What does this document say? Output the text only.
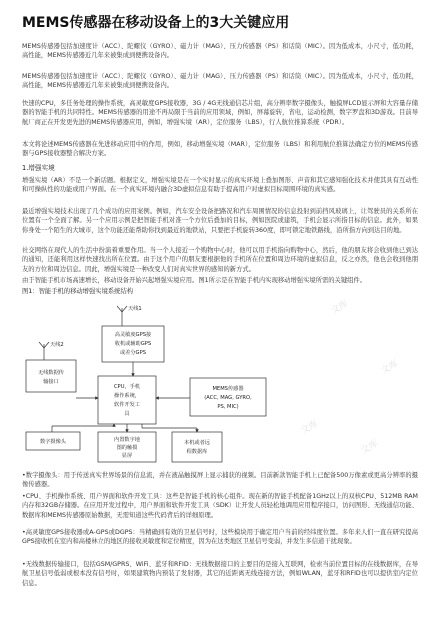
MEMS传感器在移动设备上的3大关键应用
MEMS传感器包括加速度计（ACC）、陀螺仪（GYRO）、磁力计（MAG）、压力传感器（PS）和话筒（MIC）。因为低成本，小尺寸，低功耗，高性能，MEMS传感器近几年来被集成到便携设备内。
MEMS传感器包括加速度计（ACC）、陀螺仪（GYRO）、磁力计（MAG）、压力传感器（PS）和话筒（MIC）。因为低成本，小尺寸，低功耗，高性能，MEMS传感器近几年来被集成到便携设备内。
快速的CPU，多任务处理的操作系统，高灵敏度GPS接收器，3G / 4G无线通信芯片组，高分辨率数字摄像头，触摸屏LCD显示屏和大容量存储器的智能手机的共同特性。MEMS传感器的用途不再局限于当前的应用领域，例如，屏幕旋转，省电，运动检测，数字罗盘和3D游戏。目前导航厂商正在开发更先进的MEMS传感器应用，例如，增强实境（AR），定位服务（LBS），行人航位推算系统（PDR）。
本文将论述MEMS传感器在先进移动应用中的作用，例如，移动增强实境（MAR），定位服务（LBS）和利用航位推算法确定方位的MEMS传感器与GPS接收器整合解决方案。
1.增强实境
增强实境（AR）不是一个新话题。根据定义，增强实境是在一个实时显示的真实环境上叠加图形、声音和其它感知强化技术并使其具有互动性和可操纵性的功能或用户界面。在一个真实环境内融合3D虚拟信息有助于提高用户对虚拟目标周围环境的真实感。
最近增强实境技术出现了几个成功的应用案例。例如，汽车安全设备把路况和汽车周围情况的信息投射到前挡风玻璃上，让驾驶员的关系所在位置有一个全面了解。另一个应用示例是把智能手机对准一个方位后叠加的目标，例如医院或建筑，手机会显示所指目标的信息。此外，如果你身处一个陌生的大城市，这个功能还能帮助你找到最近的地铁站，只要把手机旋转360度，即可锁定地铁路线，沿所指方向到达目的地。
社交网络在现代人的生活中扮演着重要作用。当一个人接近一个购物中心时，他可以用手机指向购物中心，然后，他的朋友将会收到他已到达的通知，还能利用这样快速找出所在位置。由于这个用户的朋友要根据他的手机所在位置和周边环境的虚拟信息，反之亦然，他也会收到他朋友的方位和周边信息。因此，增强实境是一种改变人们对真实世界的感知的新方式。
由于智能手机市场高速增长，移动设备开始兴起增强实境应用。图1所示是在智能手机内实现移动增强实境所需的关键组件。
图1：智能手机的移动增强实境系统结构
天线1
天线2
高灵敏度GPS接
收机或辅助GPS
或差分GPS
无线数据传
输接口
CPU，手机
操作系统，
软件开发工
具
MEMS传感器
(ACC, MAG, GYRO,
PS, MIC)
数字摄像头	内置数字地
图的触摸
显屏
本机或者远
程数据库
•数字摄像头：用于传送真实世界场景的信息流，并在液晶触摸屏上显示捕获的视频。目前新款智能手机上已配备500万像素或更高分辨率的摄像传感器。
•CPU、手机操作系统、用户界面和软件开发工具：这些是智能手机的核心组件。现在新的智能手机配备1GHz以上的双核CPU、512MB RAM内存和32GB存储器。在应用开发过程中，用户界面和软件开发工具（SDK）让开发人员轻松地调用应用程序接口，访问图形、无线通信功能、数据库和MEMS传感器原始数据，无需知道这些代码背后的详细原理。
•高灵敏度GPS接收器或A-GPS或DGPS：当精确到有效的卫星信号时，这些模块用于确定用户当前的经纬度位置。多年来人们一直在研究提高GPS接收机在室内和高楼林立的地区的接收灵敏度和定位精度，因为在这类地区卫星信号变弱，并发生多信道干扰现象。
•无线数据传输接口，包括GSM/GPRS、WiFi、蓝牙和RFID：无线数据接口的主要目的是接入互联网，检索当前位置目标的在线数据库，在导航卫星信号低弱或根本没有信号时，如果建筑物内预装了发射器，其它的近距离无线连接方法，例如WLAN，蓝牙和RFID也可以提供室内定位信息。
文库
文库
文库
文库
